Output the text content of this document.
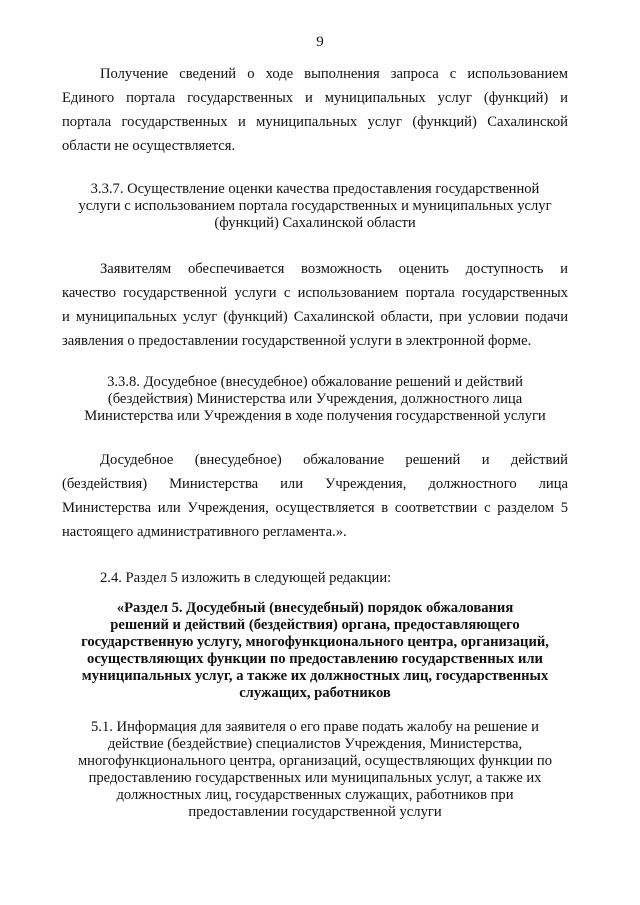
9
Получение сведений о ходе выполнения запроса с использованием
Единого портала государственных и муниципальных услуг (функций) и
портала государственных и муниципальных услуг (функций) Сахалинской
области не осуществляется.
3.3.7. Осуществление оценки качества предоставления государственной
услуги с использованием портала государственных и муниципальных услуг
(функций) Сахалинской области
Заявителям обеспечивается возможность оценить доступность и
качество государственной услуги с использованием портала государственных
и муниципальных услуг (функций) Сахалинской области, при условии подачи
заявления о предоставлении государственной услуги в электронной форме.
3.3.8. Досудебное (внесудебное) обжалование решений и действий
(бездействия) Министерства или Учреждения, должностного лица
Министерства или Учреждения в ходе получения государственной услуги
Досудебное (внесудебное) обжалование решений и действий
(бездействия) Министерства или Учреждения, должностного лица
Министерства или Учреждения, осуществляется в соответствии с разделом 5
настоящего административного регламента.».
2.4. Раздел 5 изложить в следующей редакции:
«Раздел 5. Досудебный (внесудебный) порядок обжалования
решений и действий (бездействия) органа, предоставляющего
государственную услугу, многофункционального центра, организаций,
осуществляющих функции по предоставлению государственных или
муниципальных услуг, а также их должностных лиц, государственных
служащих, работников
5.1. Информация для заявителя о его праве подать жалобу на решение и
действие (бездействие) специалистов Учреждения, Министерства,
многофункционального центра, организаций, осуществляющих функции по
предоставлению государственных или муниципальных услуг, а также их
должностных лиц, государственных служащих, работников при
предоставлении государственной услуги
